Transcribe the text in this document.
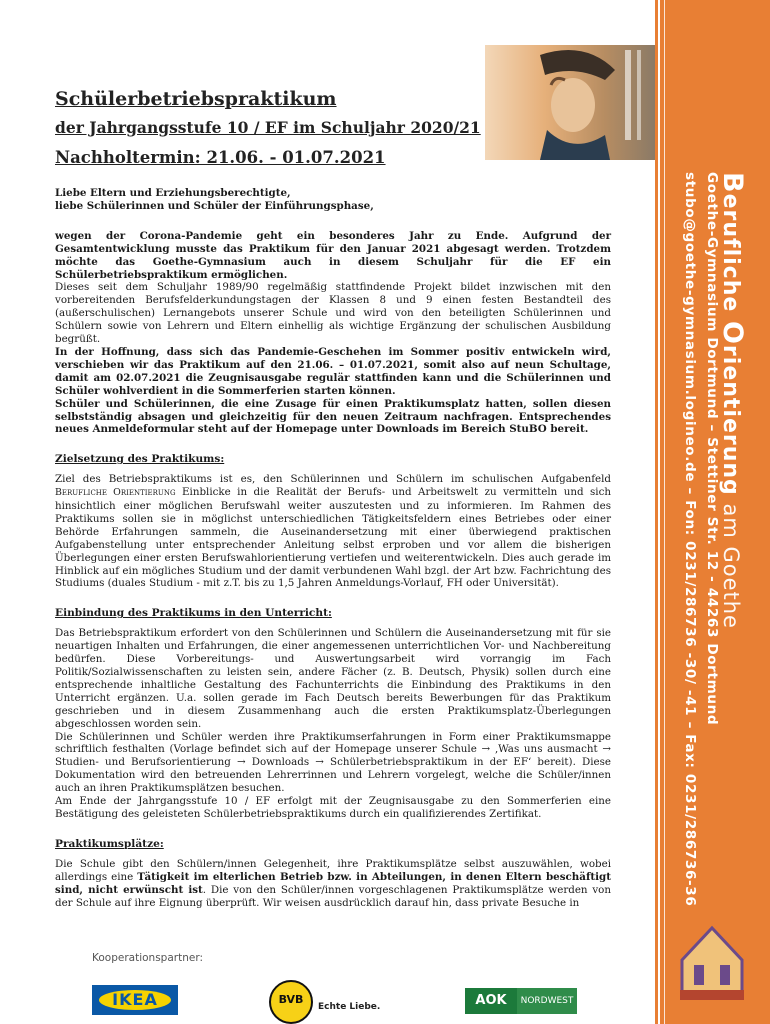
Berufliche Orientierung am Goethe
Goethe-Gymnasium Dortmund – Stettiner Str. 12 - 44263 Dortmund
stubo@goethe-gymnasium.logineo.de – Fon: 0231/286736 -30/ -41 – Fax: 0231/286736-36
Schülerbetriebspraktikum
der Jahrgangsstufe 10 / EF im Schuljahr 2020/21
Nachholtermin: 21.06. - 01.07.2021

Liebe Eltern und Erziehungsberechtigte,

liebe Schülerinnen und Schüler der Einführungsphase,

wegen der Corona-Pandemie geht ein besonderes Jahr zu Ende. Aufgrund der Gesamtentwicklung musste das Praktikum für den Januar 2021 abgesagt werden. Trotzdem möchte das Goethe-Gymnasium auch in diesem Schuljahr für die EF ein Schülerbetriebspraktikum ermöglichen.

Dieses seit dem Schuljahr 1989/90 regelmäßig stattfindende Projekt bildet inzwischen mit den vorbereitenden Berufsfelderkundungstagen der Klassen 8 und 9 einen festen Bestandteil des (außerschulischen) Lernangebots unserer Schule und wird von den beteiligten Schülerinnen und Schülern sowie von Lehrern und Eltern einhellig als wichtige Ergänzung der schulischen Ausbildung begrüßt.

In der Hoffnung, dass sich das Pandemie-Geschehen im Sommer positiv entwickeln wird, verschieben wir das Praktikum auf den 21.06. – 01.07.2021, somit also auf neun Schultage, damit am 02.07.2021 die Zeugnisausgabe regulär stattfinden kann und die Schülerinnen und Schüler wohlverdient in die Sommerferien starten können.

Schüler und Schülerinnen, die eine Zusage für einen Praktikumsplatz hatten, sollen diesen selbstständig absagen und gleichzeitig für den neuen Zeitraum nachfragen. Entsprechendes neues Anmeldeformular steht auf der Homepage unter Downloads im Bereich StuBO bereit.

Zielsetzung des Praktikums:

Ziel des Betriebspraktikums ist es, den Schülerinnen und Schülern im schulischen Aufgabenfeld Berufliche Orientierung Einblicke in die Realität der Berufs- und Arbeitswelt zu vermitteln und sich hinsichtlich einer möglichen Berufswahl weiter auszutesten und zu informieren. Im Rahmen des Praktikums sollen sie in möglichst unterschiedlichen Tätigkeitsfeldern eines Betriebes oder einer Behörde Erfahrungen sammeln, die Auseinandersetzung mit einer überwiegend praktischen Aufgabenstellung unter entsprechender Anleitung selbst erproben und vor allem die bisherigen Überlegungen einer ersten Berufswahlorientierung vertiefen und weiterentwickeln. Dies auch gerade im Hinblick auf ein mögliches Studium und der damit verbundenen Wahl bzgl. der Art bzw. Fachrichtung des Studiums (duales Studium - mit z.T. bis zu 1,5 Jahren Anmeldungs-Vorlauf, FH oder Universität).

Einbindung des Praktikums in den Unterricht:

Das Betriebspraktikum erfordert von den Schülerinnen und Schülern die Auseinandersetzung mit für sie neuartigen Inhalten und Erfahrungen, die einer angemessenen unterrichtlichen Vor- und Nachbereitung bedürfen. Diese Vorbereitungs- und Auswertungsarbeit wird vorrangig im Fach Politik/Sozialwissenschaften zu leisten sein, andere Fächer (z. B. Deutsch, Physik) sollen durch eine entsprechende inhaltliche Gestaltung des Fachunterrichts die Einbindung des Praktikums in den Unterricht ergänzen. U.a. sollen gerade im Fach Deutsch bereits Bewerbungen für das Praktikum geschrieben und in diesem Zusammenhang auch die ersten Praktikumsplatz-Überlegungen abgeschlossen worden sein.

Die Schülerinnen und Schüler werden ihre Praktikumserfahrungen in Form einer Praktikumsmappe schriftlich festhalten (Vorlage befindet sich auf der Homepage unserer Schule → ‚Was uns ausmacht → Studien- und Berufsorientierung → Downloads → Schülerbetriebspraktikum in der EF‘ bereit). Diese Dokumentation wird den betreuenden Lehrerrinnen und Lehrern vorgelegt, welche die Schüler/innen auch an ihren Praktikumsplätzen besuchen.

Am Ende der Jahrgangsstufe 10 / EF erfolgt mit der Zeugnisausgabe zu den Sommerferien eine Bestätigung des geleisteten Schülerbetriebspraktikums durch ein qualifizierendes Zertifikat.

Praktikumsplätze:

Die Schule gibt den Schülern/innen Gelegenheit, ihre Praktikumsplätze selbst auszuwählen, wobei allerdings eine Tätigkeit im elterlichen Betrieb bzw. in Abteilungen, in denen Eltern beschäftigt sind, nicht erwünscht ist. Die von den Schüler/innen vorgeschlagenen Praktikumsplätze werden von der Schule auf ihre Eignung überprüft. Wir weisen ausdrücklich darauf hin, dass private Besuche in

Kooperationspartner:
IKEA	BVB
Echte Liebe.	AOK	NORDWEST
